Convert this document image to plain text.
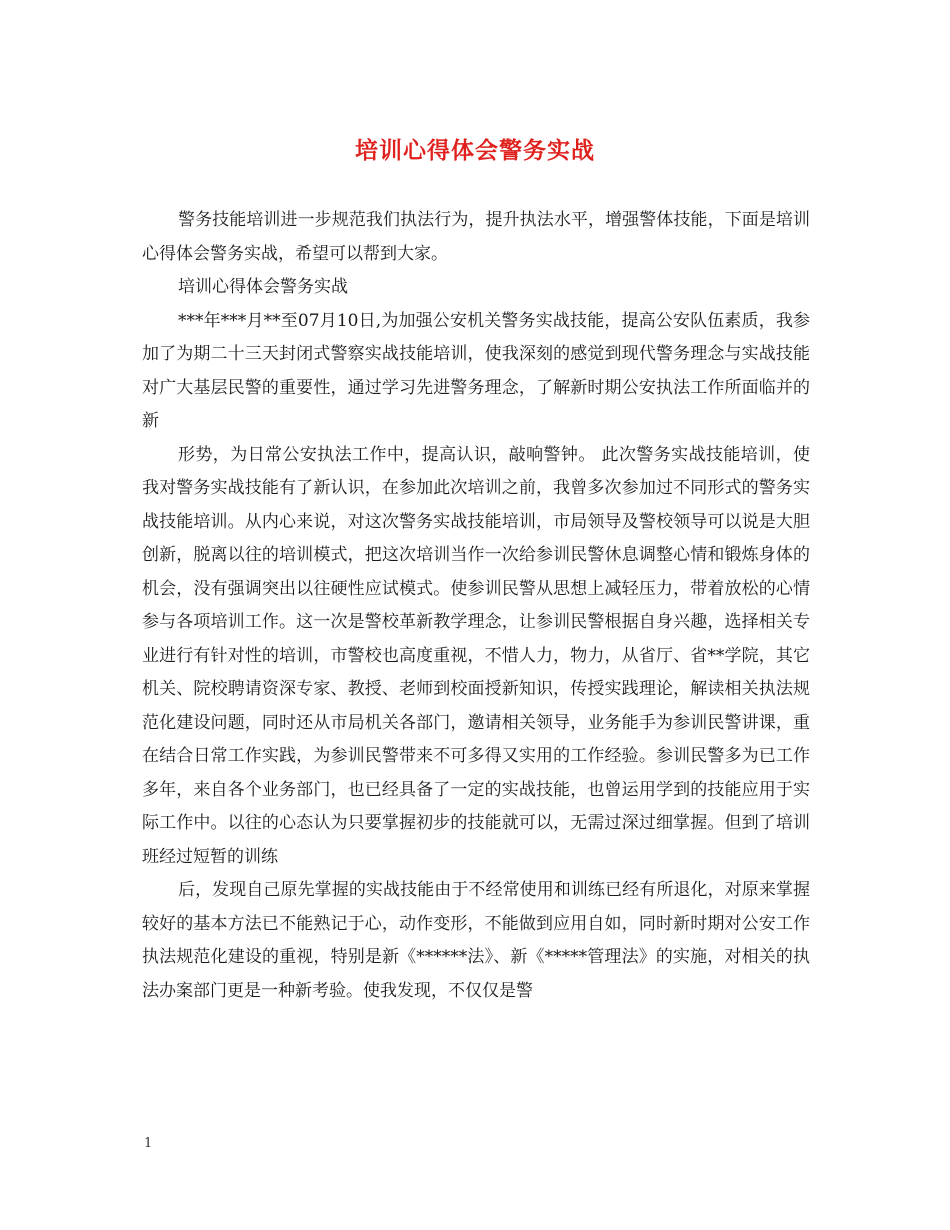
培训心得体会警务实战

警务技能培训进一步规范我们执法行为，提升执法水平，增强警体技能，下面是培训心得体会警务实战，希望可以帮到大家。

培训心得体会警务实战

***年***月**至07月10日,为加强公安机关警务实战技能，提高公安队伍素质，我参加了为期二十三天封闭式警察实战技能培训，使我深刻的感觉到现代警务理念与实战技能对广大基层民警的重要性，通过学习先进警务理念，了解新时期公安执法工作所面临并的新

形势，为日常公安执法工作中，提高认识，敲响警钟。 此次警务实战技能培训，使我对警务实战技能有了新认识，在参加此次培训之前，我曾多次参加过不同形式的警务实战技能培训。从内心来说，对这次警务实战技能培训，市局领导及警校领导可以说是大胆创新，脱离以往的培训模式，把这次培训当作一次给参训民警休息调整心情和锻炼身体的机会，没有强调突出以往硬性应试模式。使参训民警从思想上减轻压力，带着放松的心情参与各项培训工作。这一次是警校革新教学理念，让参训民警根据自身兴趣，选择相关专业进行有针对性的培训，市警校也高度重视，不惜人力，物力，从省厅、省**学院，其它机关、院校聘请资深专家、教授、老师到校面授新知识，传授实践理论，解读相关执法规范化建设问题，同时还从市局机关各部门，邀请相关领导，业务能手为参训民警讲课，重在结合日常工作实践，为参训民警带来不可多得又实用的工作经验。参训民警多为已工作多年，来自各个业务部门，也已经具备了一定的实战技能，也曾运用学到的技能应用于实际工作中。以往的心态认为只要掌握初步的技能就可以，无需过深过细掌握。但到了培训班经过短暂的训练

后，发现自己原先掌握的实战技能由于不经常使用和训练已经有所退化，对原来掌握较好的基本方法已不能熟记于心，动作变形，不能做到应用自如，同时新时期对公安工作执法规范化建设的重视，特别是新《******法》、新《*****管理法》的实施，对相关的执法办案部门更是一种新考验。使我发现，不仅仅是警

1
